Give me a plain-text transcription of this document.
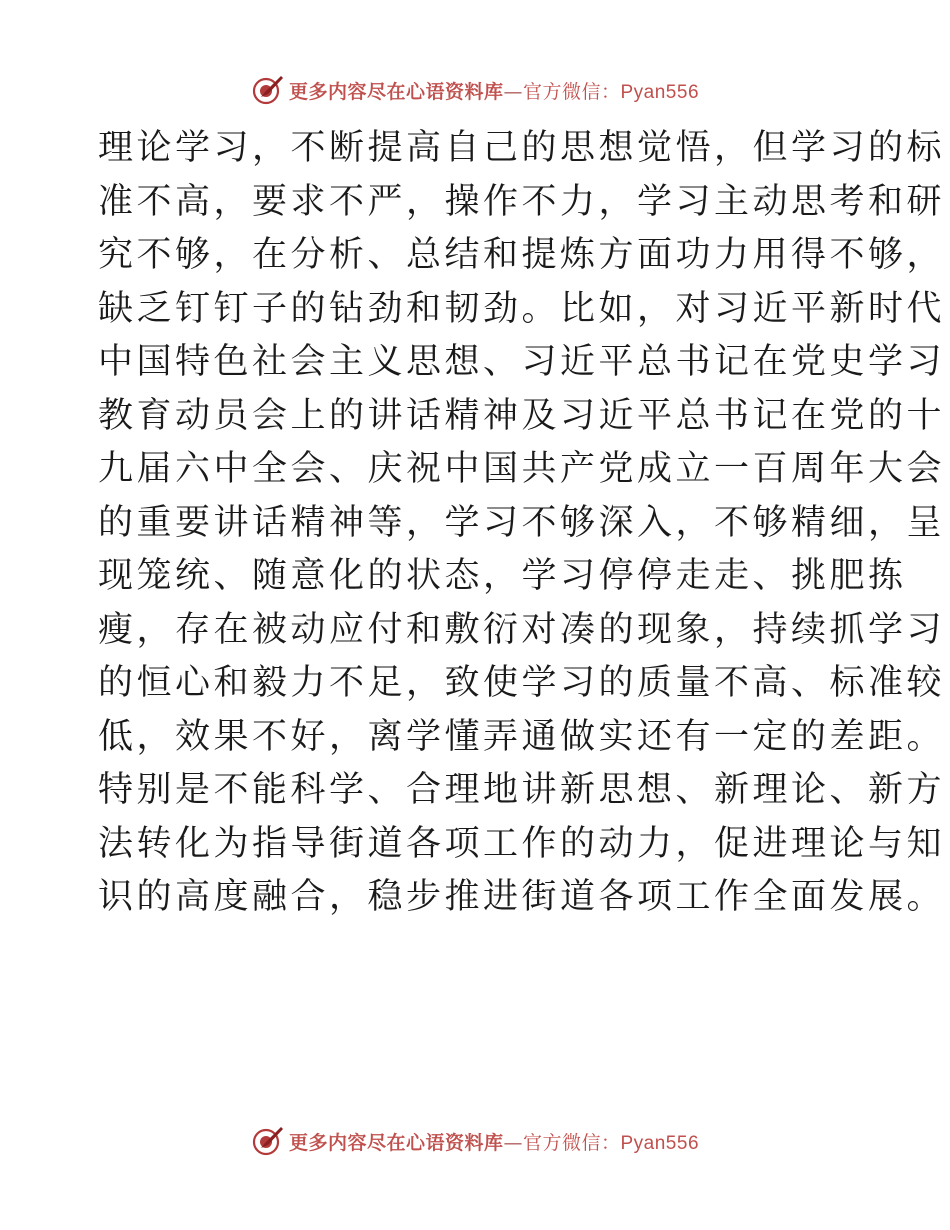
更多内容尽在心语资料库—官方微信：Pyan556
理论学习，不断提高自己的思想觉悟，但学习的标
准不高，要求不严，操作不力，学习主动思考和研
究不够，在分析、总结和提炼方面功力用得不够，
缺乏钉钉子的钻劲和韧劲。比如，对习近平新时代
中国特色社会主义思想、习近平总书记在党史学习
教育动员会上的讲话精神及习近平总书记在党的十
九届六中全会、庆祝中国共产党成立一百周年大会
的重要讲话精神等，学习不够深入，不够精细，呈
现笼统、随意化的状态，学习停停走走、挑肥拣
瘦，存在被动应付和敷衍对凑的现象，持续抓学习
的恒心和毅力不足，致使学习的质量不高、标准较
低，效果不好，离学懂弄通做实还有一定的差距。
特别是不能科学、合理地讲新思想、新理论、新方
法转化为指导街道各项工作的动力，促进理论与知
识的高度融合，稳步推进街道各项工作全面发展。
更多内容尽在心语资料库—官方微信：Pyan556
